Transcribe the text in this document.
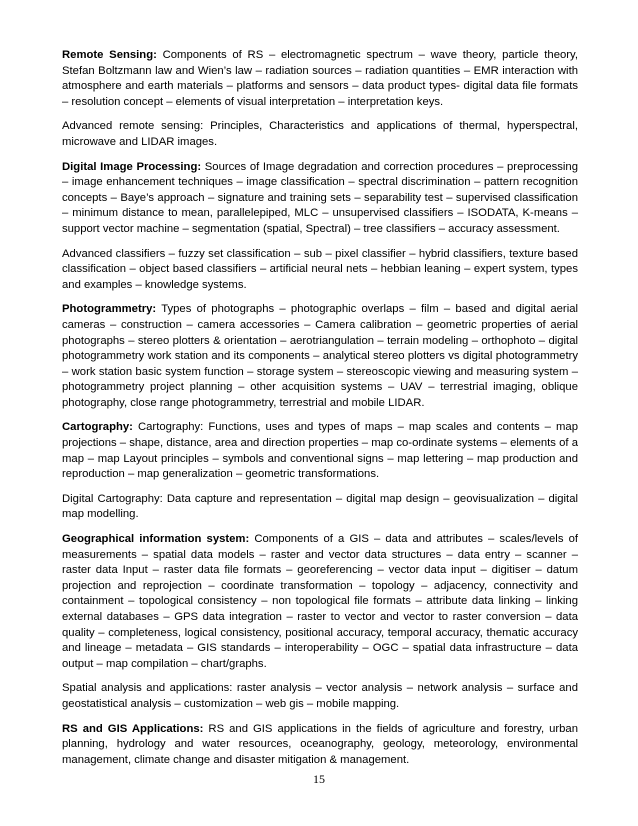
Remote Sensing: Components of RS – electromagnetic spectrum – wave theory, particle theory, Stefan Boltzmann law and Wien’s law – radiation sources – radiation quantities – EMR interaction with atmosphere and earth materials – platforms and sensors – data product types- digital data file formats – resolution concept – elements of visual interpretation – interpretation keys.

Advanced remote sensing: Principles, Characteristics and applications of thermal, hyperspectral, microwave and LIDAR images.

Digital Image Processing: Sources of Image degradation and correction procedures – preprocessing – image enhancement techniques – image classification – spectral discrimination – pattern recognition concepts – Baye’s approach – signature and training sets – separability test – supervised classification – minimum distance to mean, parallelepiped, MLC – unsupervised classifiers – ISODATA, K-means – support vector machine – segmentation (spatial, Spectral) – tree classifiers – accuracy assessment.

Advanced classifiers – fuzzy set classification – sub – pixel classifier – hybrid classifiers, texture based classification – object based classifiers – artificial neural nets – hebbian leaning – expert system, types and examples – knowledge systems.

Photogrammetry: Types of photographs – photographic overlaps – film – based and digital aerial cameras – construction – camera accessories – Camera calibration – geometric properties of aerial photographs – stereo plotters & orientation – aerotriangulation – terrain modeling – orthophoto – digital photogrammetry work station and its components – analytical stereo plotters vs digital photogrammetry – work station basic system function – storage system – stereoscopic viewing and measuring system – photogrammetry project planning – other acquisition systems – UAV – terrestrial imaging, oblique photography, close range photogrammetry, terrestrial and mobile LIDAR.

Cartography: Cartography: Functions, uses and types of maps – map scales and contents – map projections – shape, distance, area and direction properties – map co-ordinate systems – elements of a map – map Layout principles – symbols and conventional signs – map lettering – map production and reproduction – map generalization – geometric transformations.

Digital Cartography: Data capture and representation – digital map design – geovisualization – digital map modelling.

Geographical information system: Components of a GIS – data and attributes – scales/levels of measurements – spatial data models – raster and vector data structures – data entry – scanner – raster data Input – raster data file formats – georeferencing – vector data input – digitiser – datum projection and reprojection – coordinate transformation – topology – adjacency, connectivity and containment – topological consistency – non topological file formats – attribute data linking – linking external databases – GPS data integration – raster to vector and vector to raster conversion – data quality – completeness, logical consistency, positional accuracy, temporal accuracy, thematic accuracy and lineage – metadata – GIS standards – interoperability – OGC – spatial data infrastructure – data output – map compilation – chart/graphs.

Spatial analysis and applications: raster analysis – vector analysis – network analysis – surface and geostatistical analysis – customization – web gis – mobile mapping.

RS and GIS Applications: RS and GIS applications in the fields of agriculture and forestry, urban planning, hydrology and water resources, oceanography, geology, meteorology, environmental management, climate change and disaster mitigation & management.

15
